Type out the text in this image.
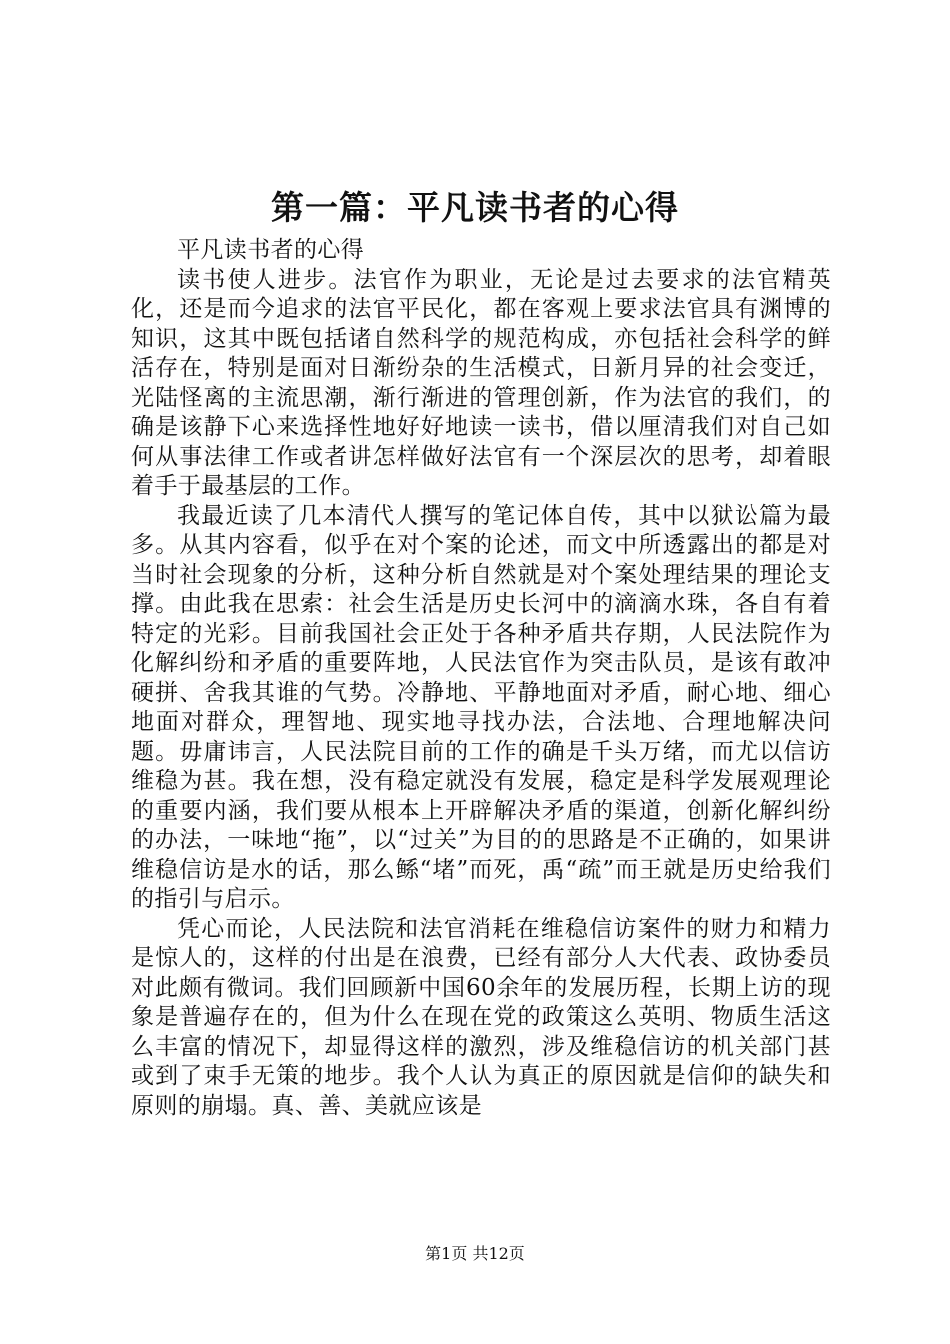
第一篇：平凡读书者的心得

平凡读书者的心得

读书使人进步。法官作为职业，无论是过去要求的法官精英化，还是而今追求的法官平民化，都在客观上要求法官具有渊博的知识，这其中既包括诸自然科学的规范构成，亦包括社会科学的鲜活存在，特别是面对日渐纷杂的生活模式，日新月异的社会变迁，光陆怪离的主流思潮，渐行渐进的管理创新，作为法官的我们，的确是该静下心来选择性地好好地读一读书，借以厘清我们对自己如何从事法律工作或者讲怎样做好法官有一个深层次的思考，却着眼着手于最基层的工作。

我最近读了几本清代人撰写的笔记体自传，其中以狱讼篇为最多。从其内容看，似乎在对个案的论述，而文中所透露出的都是对当时社会现象的分析，这种分析自然就是对个案处理结果的理论支撑。由此我在思索：社会生活是历史长河中的滴滴水珠，各自有着特定的光彩。目前我国社会正处于各种矛盾共存期，人民法院作为化解纠纷和矛盾的重要阵地，人民法官作为突击队员，是该有敢冲硬拼、舍我其谁的气势。冷静地、平静地面对矛盾，耐心地、细心地面对群众，理智地、现实地寻找办法，合法地、合理地解决问题。毋庸讳言，人民法院目前的工作的确是千头万绪，而尤以信访维稳为甚。我在想，没有稳定就没有发展，稳定是科学发展观理论的重要内涵，我们要从根本上开辟解决矛盾的渠道，创新化解纠纷的办法，一味地“拖”，以“过关”为目的的思路是不正确的，如果讲维稳信访是水的话，那么鲧“堵”而死，禹“疏”而王就是历史给我们的指引与启示。

凭心而论，人民法院和法官消耗在维稳信访案件的财力和精力是惊人的，这样的付出是在浪费，已经有部分人大代表、政协委员对此颇有微词。我们回顾新中国60余年的发展历程，长期上访的现象是普遍存在的，但为什么在现在党的政策这么英明、物质生活这么丰富的情况下，却显得这样的激烈，涉及维稳信访的机关部门甚或到了束手无策的地步。我个人认为真正的原因就是信仰的缺失和原则的崩塌。真、善、美就应该是

第1页 共12页
